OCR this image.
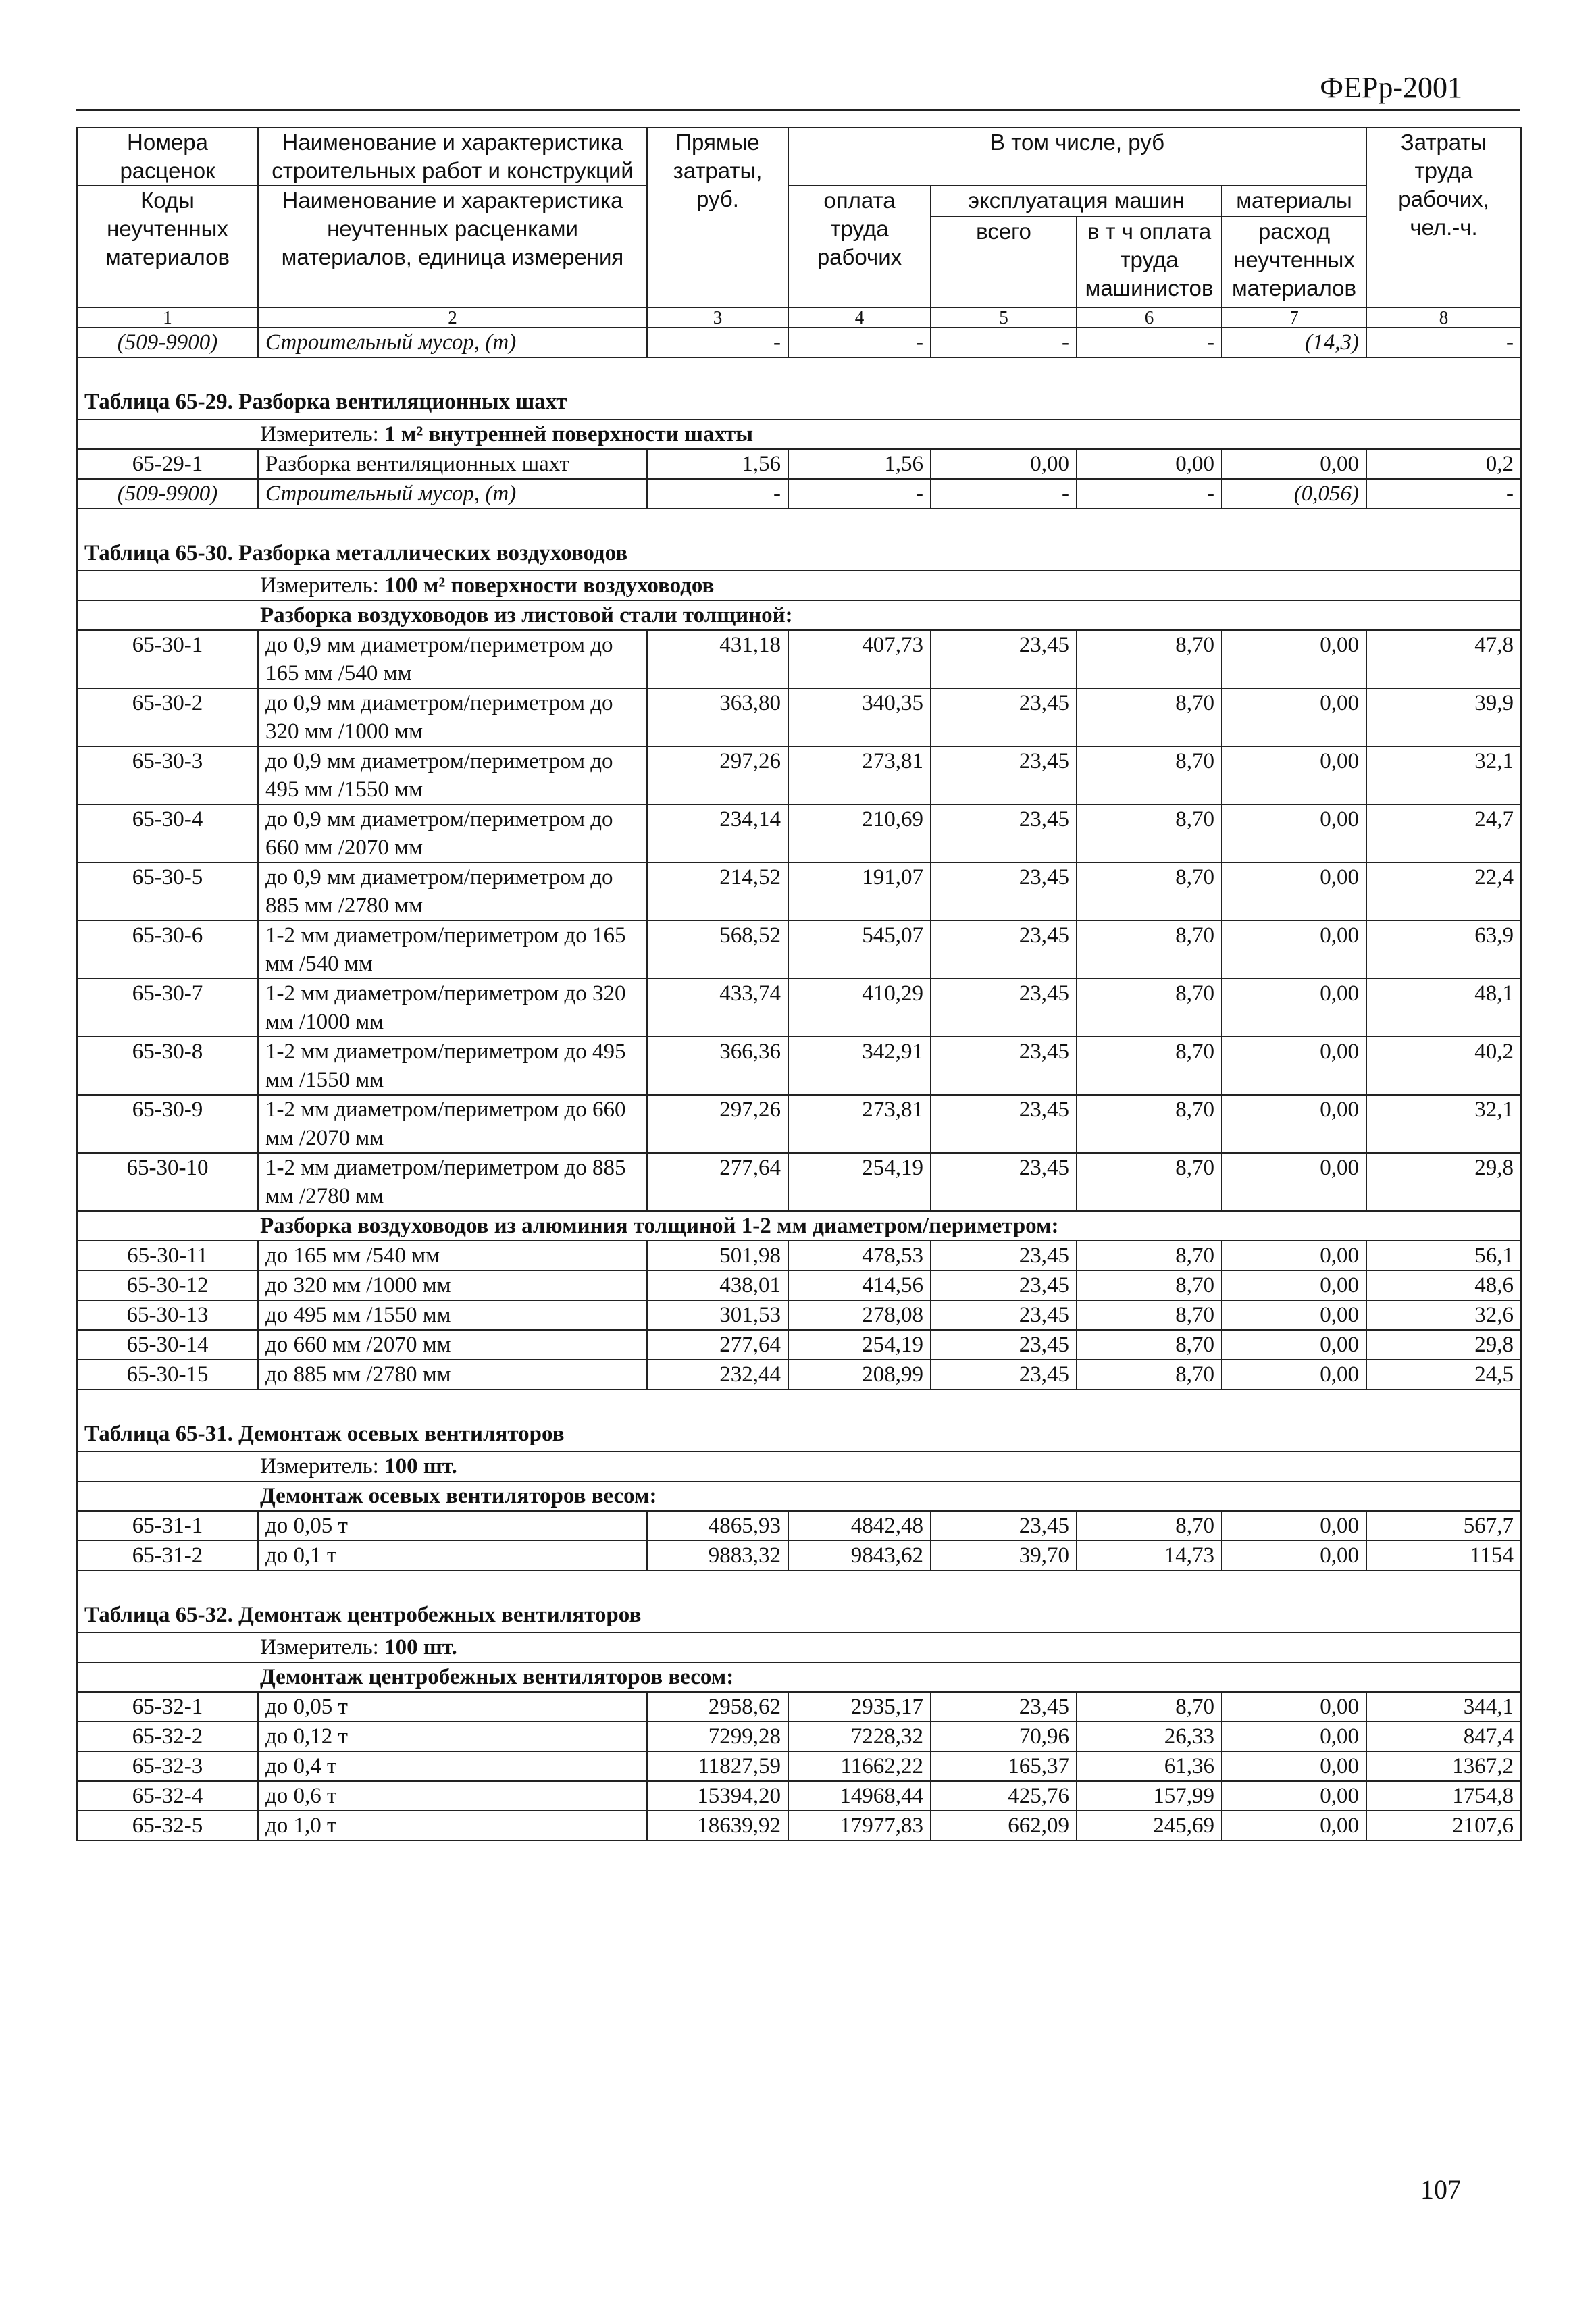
ФЕРр-2001
Номера расценок	Наименование и характеристика строительных работ и конструкций	Прямые затраты, руб.	В том числе, руб				Затраты труда рабочих, чел.-ч.
Коды неучтенных материалов	Наименование и характеристика неучтенных расценками материалов, единица измерения		оплата труда рабочих	эксплуатация машин		материалы	
				всего	в т ч оплата труда машинистов	расход неучтенных материалов	
1	2	3	4	5	6	7	8
(509-9900)	Строительный мусор, (т)	-	-	-	-	(14,3)	-
Таблица 65-29. Разборка вентиляционных шахт							
Измеритель: 1 м² внутренней поверхности шахты							
65-29-1	Разборка вентиляционных шахт	1,56	1,56	0,00	0,00	0,00	0,2
(509-9900)	Строительный мусор, (т)	-	-	-	-	(0,056)	-
Таблица 65-30. Разборка металлических воздуховодов							
Измеритель: 100 м² поверхности воздуховодов							
Разборка воздуховодов из листовой стали толщиной:							
65-30-1	до 0,9 мм диаметром/периметром до 165 мм /540 мм	431,18	407,73	23,45	8,70	0,00	47,8
65-30-2	до 0,9 мм диаметром/периметром до 320 мм /1000 мм	363,80	340,35	23,45	8,70	0,00	39,9
65-30-3	до 0,9 мм диаметром/периметром до 495 мм /1550 мм	297,26	273,81	23,45	8,70	0,00	32,1
65-30-4	до 0,9 мм диаметром/периметром до 660 мм /2070 мм	234,14	210,69	23,45	8,70	0,00	24,7
65-30-5	до 0,9 мм диаметром/периметром до 885 мм /2780 мм	214,52	191,07	23,45	8,70	0,00	22,4
65-30-6	1-2 мм диаметром/периметром до 165 мм /540 мм	568,52	545,07	23,45	8,70	0,00	63,9
65-30-7	1-2 мм диаметром/периметром до 320 мм /1000 мм	433,74	410,29	23,45	8,70	0,00	48,1
65-30-8	1-2 мм диаметром/периметром до 495 мм /1550 мм	366,36	342,91	23,45	8,70	0,00	40,2
65-30-9	1-2 мм диаметром/периметром до 660 мм /2070 мм	297,26	273,81	23,45	8,70	0,00	32,1
65-30-10	1-2 мм диаметром/периметром до 885 мм /2780 мм	277,64	254,19	23,45	8,70	0,00	29,8
Разборка воздуховодов из алюминия толщиной 1-2 мм диаметром/периметром:							
65-30-11	до 165 мм /540 мм	501,98	478,53	23,45	8,70	0,00	56,1
65-30-12	до 320 мм /1000 мм	438,01	414,56	23,45	8,70	0,00	48,6
65-30-13	до 495 мм /1550 мм	301,53	278,08	23,45	8,70	0,00	32,6
65-30-14	до 660 мм /2070 мм	277,64	254,19	23,45	8,70	0,00	29,8
65-30-15	до 885 мм /2780 мм	232,44	208,99	23,45	8,70	0,00	24,5
Таблица 65-31. Демонтаж осевых вентиляторов							
Измеритель: 100 шт.							
Демонтаж осевых вентиляторов весом:							
65-31-1	до 0,05 т	4865,93	4842,48	23,45	8,70	0,00	567,7
65-31-2	до 0,1 т	9883,32	9843,62	39,70	14,73	0,00	1154
Таблица 65-32. Демонтаж центробежных вентиляторов							
Измеритель: 100 шт.							
Демонтаж центробежных вентиляторов весом:							
65-32-1	до 0,05 т	2958,62	2935,17	23,45	8,70	0,00	344,1
65-32-2	до 0,12 т	7299,28	7228,32	70,96	26,33	0,00	847,4
65-32-3	до 0,4 т	11827,59	11662,22	165,37	61,36	0,00	1367,2
65-32-4	до 0,6 т	15394,20	14968,44	425,76	157,99	0,00	1754,8
65-32-5	до 1,0 т	18639,92	17977,83	662,09	245,69	0,00	2107,6
107
